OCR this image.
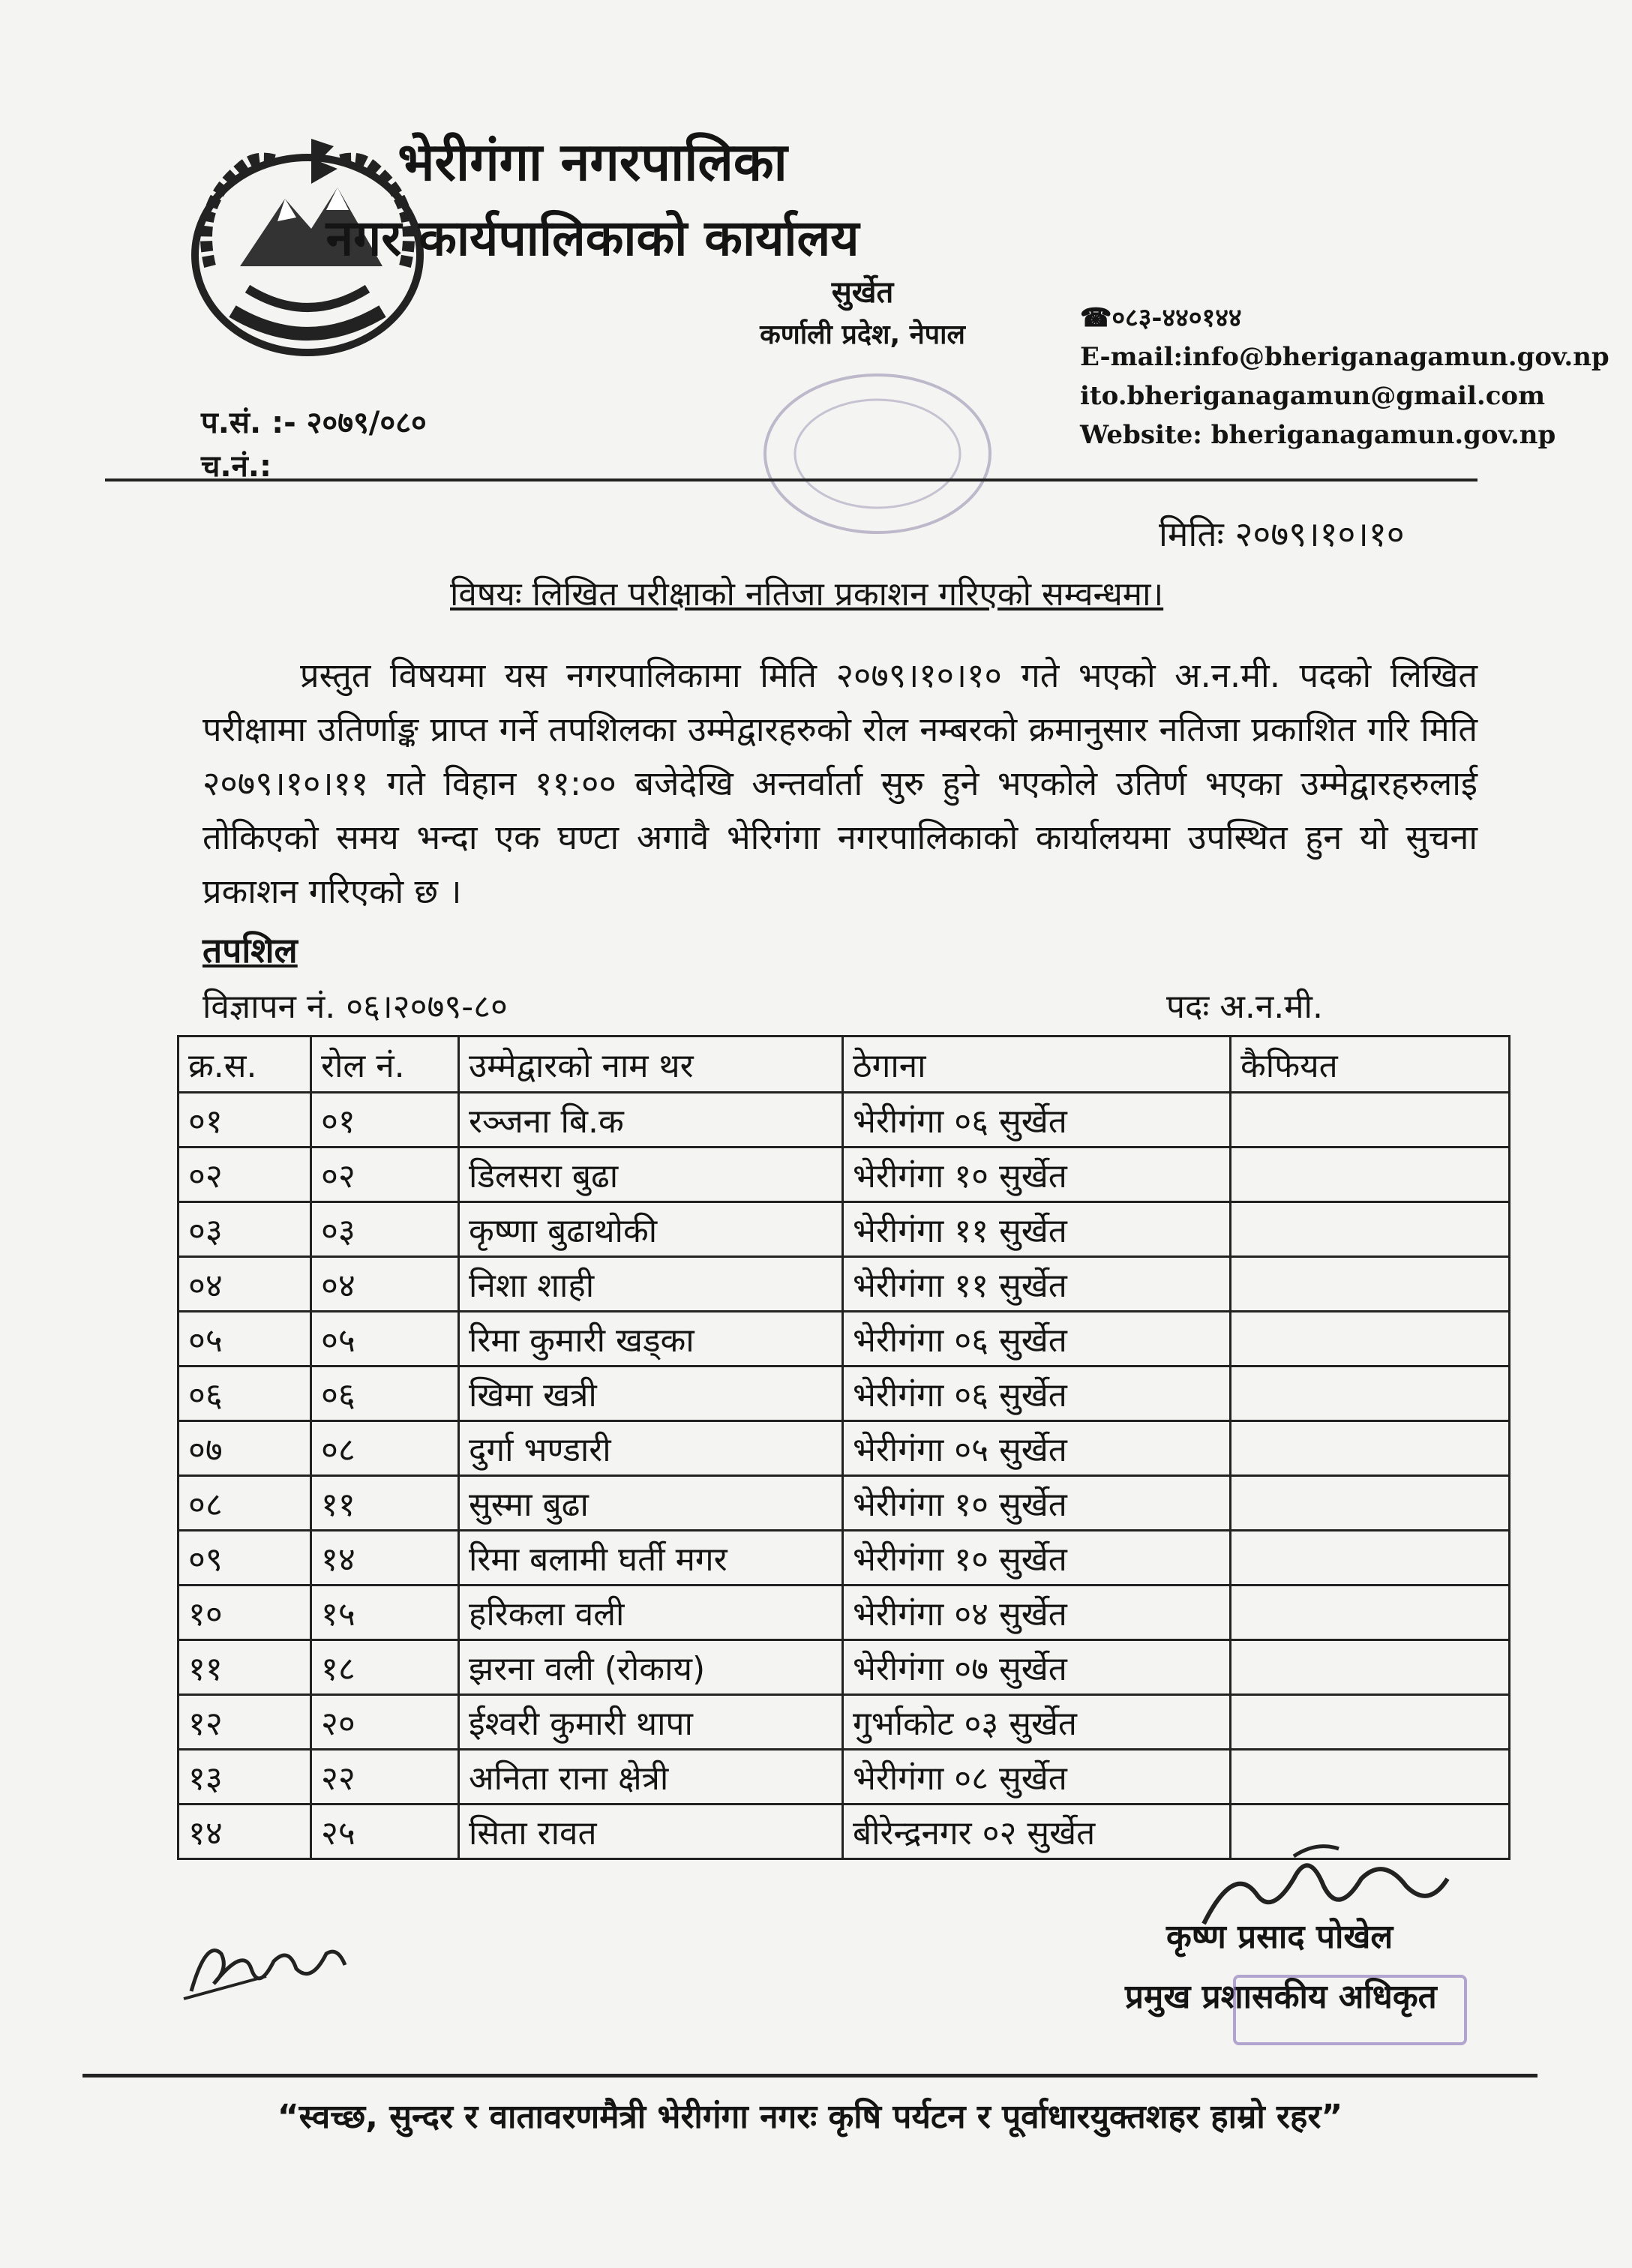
भेरीगंगा नगरपालिका
नगर कार्यपालिकाको कार्यालय
सुर्खेत
कर्णाली प्रदेश, नेपाल
☎०८३-४४०१४४
E-mail:info@bheriganagamun.gov.np
ito.bheriganagamun@gmail.com
Website: bheriganagamun.gov.np
प.सं. :- २०७९/०८०
च.नं.:
मितिः २०७९।१०।१०
विषयः लिखित परीक्षाको नतिजा प्रकाशन गरिएको सम्वन्धमा।
प्रस्तुत विषयमा यस नगरपालिकामा मिति २०७९।१०।१० गते भएको अ.न.मी. पदको लिखित परीक्षामा उतिर्णाङ्क प्राप्त गर्ने तपशिलका उम्मेद्वारहरुको रोल नम्बरको क्रमानुसार नतिजा प्रकाशित गरि मिति २०७९।१०।११ गते विहान ११:०० बजेदेखि अन्तर्वार्ता सुरु हुने भएकोले उतिर्ण भएका उम्मेद्वारहरुलाई तोकिएको समय भन्दा एक घण्टा अगावै भेरिगंगा नगरपालिकाको कार्यालयमा उपस्थित हुन यो सुचना प्रकाशन गरिएको छ ।
तपशिल
विज्ञापन नं. ०६।२०७९-८०	पदः अ.न.मी.
क्र.स.	रोल नं.	उम्मेद्वारको नाम थर	ठेगाना	कैफियत
०१	०१	रञ्जना बि.क	भेरीगंगा ०६ सुर्खेत	
०२	०२	डिलसरा बुढा	भेरीगंगा १० सुर्खेत	
०३	०३	कृष्णा बुढाथोकी	भेरीगंगा ११ सुर्खेत	
०४	०४	निशा शाही	भेरीगंगा ११ सुर्खेत	
०५	०५	रिमा कुमारी खड्का	भेरीगंगा ०६ सुर्खेत	
०६	०६	खिमा खत्री	भेरीगंगा ०६ सुर्खेत	
०७	०८	दुर्गा भण्डारी	भेरीगंगा ०५ सुर्खेत	
०८	११	सुस्मा बुढा	भेरीगंगा १० सुर्खेत	
०९	१४	रिमा बलामी घर्ती मगर	भेरीगंगा १० सुर्खेत	
१०	१५	हरिकला वली	भेरीगंगा ०४ सुर्खेत	
११	१८	झरना वली (रोकाय)	भेरीगंगा ०७ सुर्खेत	
१२	२०	ईश्वरी कुमारी थापा	गुर्भाकोट ०३ सुर्खेत	
१३	२२	अनिता राना क्षेत्री	भेरीगंगा ०८ सुर्खेत	
१४	२५	सिता रावत	बीरेन्द्रनगर ०२ सुर्खेत	
कृष्ण प्रसाद पोखेल
प्रमुख प्रशासकीय अधिकृत
“स्वच्छ, सुन्दर र वातावरणमैत्री भेरीगंगा नगरः कृषि पर्यटन र पूर्वाधारयुक्तशहर हाम्रो रहर”
